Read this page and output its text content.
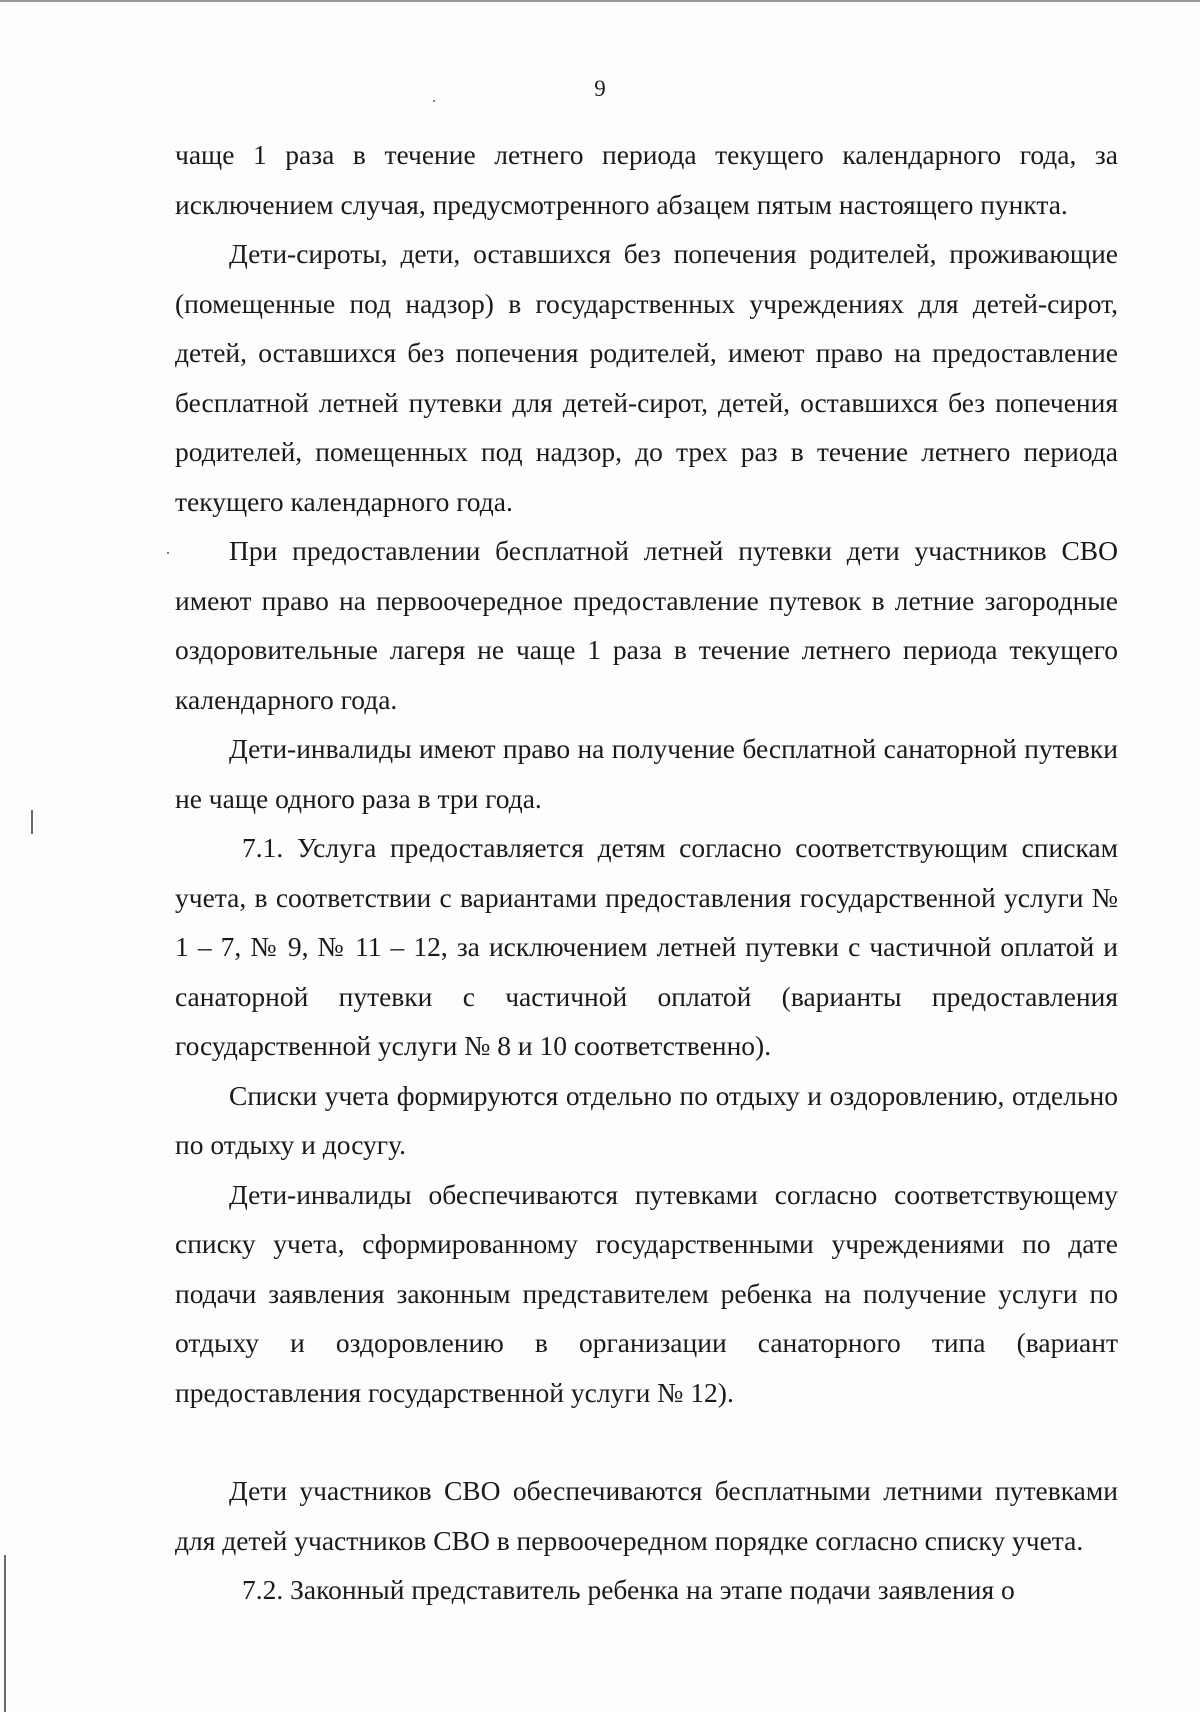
9

чаще 1 раза в течение летнего периода текущего календарного года, за исключением случая, предусмотренного абзацем пятым настоящего пункта.

Дети-сироты, дети, оставшихся без попечения родителей, проживающие (помещенные под надзор) в государственных учреждениях для детей-сирот, детей, оставшихся без попечения родителей, имеют право на предоставление бесплатной летней путевки для детей-сирот, детей, оставшихся без попечения родителей, помещенных под надзор, до трех раз в течение летнего периода текущего календарного года.

При предоставлении бесплатной летней путевки дети участников СВО имеют право на первоочередное предоставление путевок в летние загородные оздоровительные лагеря не чаще 1 раза в течение летнего периода текущего календарного года.

Дети-инвалиды имеют право на получение бесплатной санаторной путевки не чаще одного раза в три года.

7.1. Услуга предоставляется детям согласно соответствующим спискам учета, в соответствии с вариантами предоставления государственной услуги № 1 – 7, № 9, № 11 – 12, за исключением летней путевки с частичной оплатой и санаторной путевки с частичной оплатой (варианты предоставления государственной услуги № 8 и 10 соответственно).

Списки учета формируются отдельно по отдыху и оздоровлению, отдельно по отдыху и досугу.

Дети-инвалиды обеспечиваются путевками согласно соответствующему списку учета, сформированному государственными учреждениями по дате подачи заявления законным представителем ребенка на получение услуги по отдыху и оздоровлению в организации санаторного типа (вариант предоставления государственной услуги № 12).

Дети участников СВО обеспечиваются бесплатными летними путевками для детей участников СВО в первоочередном порядке согласно списку учета.

7.2. Законный представитель ребенка на этапе подачи заявления о
